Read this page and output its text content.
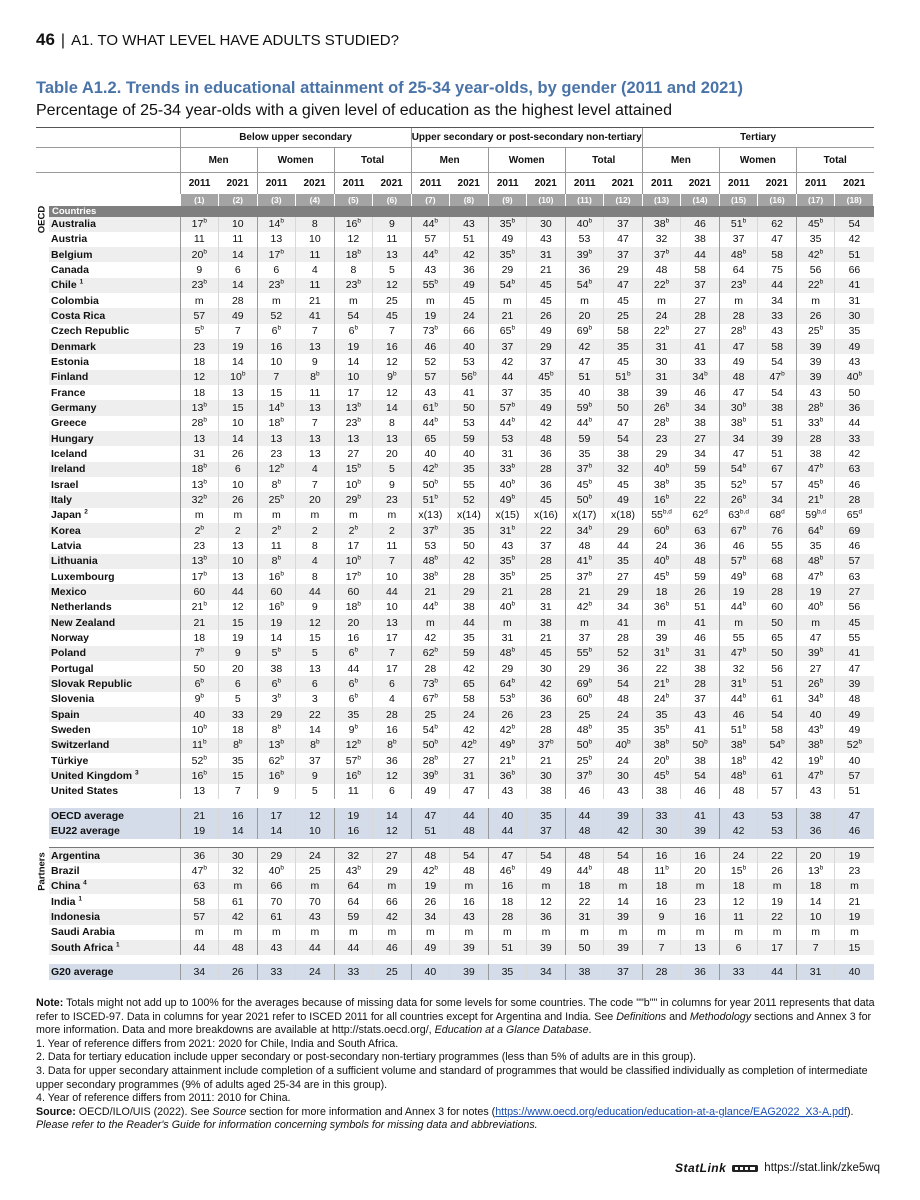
46 | A1. TO WHAT LEVEL HAVE ADULTS STUDIED?
Table A1.2. Trends in educational attainment of 25-34 year-olds, by gender (2011 and 2021)
Percentage of 25-34 year-olds with a given level of education as the highest level attained
		Below upper secondary						Upper secondary or post-secondary non-tertiary						Tertiary					
		Men		Women		Total		Men		Women		Total		Men		Women		Total	
		2011	2021	2011	2021	2011	2021	2011	2021	2011	2021	2011	2021	2011	2021	2011	2021	2011	2021
		(1)	(2)	(3)	(4)	(5)	(6)	(7)	(8)	(9)	(10)	(11)	(12)	(13)	(14)	(15)	(16)	(17)	(18)

OECD	Countries																		
	Australia	17$^b$	10	14$^b$	8	16$^b$	9	44$^b$	43	35$^b$	30	40$^b$	37	38$^b$	46	51$^b$	62	45$^b$	54
	Austria	11	11	13	10	12	11	57	51	49	43	53	47	32	38	37	47	35	42
	Belgium	20$^b$	14	17$^b$	11	18$^b$	13	44$^b$	42	35$^b$	31	39$^b$	37	37$^b$	44	48$^b$	58	42$^b$	51
	Canada	9	6	6	4	8	5	43	36	29	21	36	29	48	58	64	75	56	66
	Chile $^1$	23$^b$	14	23$^b$	11	23$^b$	12	55$^b$	49	54$^b$	45	54$^b$	47	22$^b$	37	23$^b$	44	22$^b$	41
	Colombia	m	28	m	21	m	25	m	45	m	45	m	45	m	27	m	34	m	31
	Costa Rica	57	49	52	41	54	45	19	24	21	26	20	25	24	28	28	33	26	30
	Czech Republic	5$^b$	7	6$^b$	7	6$^b$	7	73$^b$	66	65$^b$	49	69$^b$	58	22$^b$	27	28$^b$	43	25$^b$	35
	Denmark	23	19	16	13	19	16	46	40	37	29	42	35	31	41	47	58	39	49
	Estonia	18	14	10	9	14	12	52	53	42	37	47	45	30	33	49	54	39	43
	Finland	12	10$^b$	7	8$^b$	10	9$^b$	57	56$^b$	44	45$^b$	51	51$^b$	31	34$^b$	48	47$^b$	39	40$^b$
	France	18	13	15	11	17	12	43	41	37	35	40	38	39	46	47	54	43	50
	Germany	13$^b$	15	14$^b$	13	13$^b$	14	61$^b$	50	57$^b$	49	59$^b$	50	26$^b$	34	30$^b$	38	28$^b$	36
	Greece	28$^b$	10	18$^b$	7	23$^b$	8	44$^b$	53	44$^b$	42	44$^b$	47	28$^b$	38	38$^b$	51	33$^b$	44
	Hungary	13	14	13	13	13	13	65	59	53	48	59	54	23	27	34	39	28	33
	Iceland	31	26	23	13	27	20	40	40	31	36	35	38	29	34	47	51	38	42
	Ireland	18$^b$	6	12$^b$	4	15$^b$	5	42$^b$	35	33$^b$	28	37$^b$	32	40$^b$	59	54$^b$	67	47$^b$	63
	Israel	13$^b$	10	8$^b$	7	10$^b$	9	50$^b$	55	40$^b$	36	45$^b$	45	38$^b$	35	52$^b$	57	45$^b$	46
	Italy	32$^b$	26	25$^b$	20	29$^b$	23	51$^b$	52	49$^b$	45	50$^b$	49	16$^b$	22	26$^b$	34	21$^b$	28
	Japan $^2$	m	m	m	m	m	m	x(13)	x(14)	x(15)	x(16)	x(17)	x(18)	55$^{b,d}$	62$^d$	63$^{b,d}$	68$^d$	59$^{b,d}$	65$^d$
	Korea	2$^b$	2	2$^b$	2	2$^b$	2	37$^b$	35	31$^b$	22	34$^b$	29	60$^b$	63	67$^b$	76	64$^b$	69
	Latvia	23	13	11	8	17	11	53	50	43	37	48	44	24	36	46	55	35	46
	Lithuania	13$^b$	10	8$^b$	4	10$^b$	7	48$^b$	42	35$^b$	28	41$^b$	35	40$^b$	48	57$^b$	68	48$^b$	57
	Luxembourg	17$^b$	13	16$^b$	8	17$^b$	10	38$^b$	28	35$^b$	25	37$^b$	27	45$^b$	59	49$^b$	68	47$^b$	63
	Mexico	60	44	60	44	60	44	21	29	21	28	21	29	18	26	19	28	19	27
	Netherlands	21$^b$	12	16$^b$	9	18$^b$	10	44$^b$	38	40$^b$	31	42$^b$	34	36$^b$	51	44$^b$	60	40$^b$	56
	New Zealand	21	15	19	12	20	13	m	44	m	38	m	41	m	41	m	50	m	45
	Norway	18	19	14	15	16	17	42	35	31	21	37	28	39	46	55	65	47	55
	Poland	7$^b$	9	5$^b$	5	6$^b$	7	62$^b$	59	48$^b$	45	55$^b$	52	31$^b$	31	47$^b$	50	39$^b$	41
	Portugal	50	20	38	13	44	17	28	42	29	30	29	36	22	38	32	56	27	47
	Slovak Republic	6$^b$	6	6$^b$	6	6$^b$	6	73$^b$	65	64$^b$	42	69$^b$	54	21$^b$	28	31$^b$	51	26$^b$	39
	Slovenia	9$^b$	5	3$^b$	3	6$^b$	4	67$^b$	58	53$^b$	36	60$^b$	48	24$^b$	37	44$^b$	61	34$^b$	48
	Spain	40	33	29	22	35	28	25	24	26	23	25	24	35	43	46	54	40	49
	Sweden	10$^b$	18	8$^b$	14	9$^b$	16	54$^b$	42	42$^b$	28	48$^b$	35	35$^b$	41	51$^b$	58	43$^b$	49
	Switzerland	11$^b$	8$^b$	13$^b$	8$^b$	12$^b$	8$^b$	50$^b$	42$^b$	49$^b$	37$^b$	50$^b$	40$^b$	38$^b$	50$^b$	38$^b$	54$^b$	38$^b$	52$^b$
	Türkiye	52$^b$	35	62$^b$	37	57$^b$	36	28$^b$	27	21$^b$	21	25$^b$	24	20$^b$	38	18$^b$	42	19$^b$	40
	United Kingdom $^3$	16$^b$	15	16$^b$	9	16$^b$	12	39$^b$	31	36$^b$	30	37$^b$	30	45$^b$	54	48$^b$	61	47$^b$	57
	United States	13	7	9	5	11	6	49	47	43	38	46	43	38	46	48	57	43	51

	OECD average	21	16	17	12	19	14	47	44	40	35	44	39	33	41	43	53	38	47
	EU22 average	19	14	14	10	16	12	51	48	44	37	48	42	30	39	42	53	36	46

Partners	Argentina	36	30	29	24	32	27	48	54	47	54	48	54	16	16	24	22	20	19
	Brazil	47$^b$	32	40$^b$	25	43$^b$	29	42$^b$	48	46$^b$	49	44$^b$	48	11$^b$	20	15$^b$	26	13$^b$	23
	China $^4$	63	m	66	m	64	m	19	m	16	m	18	m	18	m	18	m	18	m
	India $^1$	58	61	70	70	64	66	26	16	18	12	22	14	16	23	12	19	14	21
	Indonesia	57	42	61	43	59	42	34	43	28	36	31	39	9	16	11	22	10	19
	Saudi Arabia	m	m	m	m	m	m	m	m	m	m	m	m	m	m	m	m	m	m
	South Africa $^1$	44	48	43	44	44	46	49	39	51	39	50	39	7	13	6	17	7	15

	G20 average	34	26	33	24	33	25	40	39	35	34	38	37	28	36	33	44	31	40

Note: Totals might not add up to 100% for the averages because of missing data for some levels for some countries. The code ""b"" in columns for year 2011 represents that data refer to ISCED-97. Data in columns for year 2021 refer to ISCED 2011 for all countries except for Argentina and India. See Definitions and Methodology sections and Annex 3 for more information. Data and more breakdowns are available at http://stats.oecd.org/, Education at a Glance Database.

1. Year of reference differs from 2021: 2020 for Chile, India and South Africa.

2. Data for tertiary education include upper secondary or post-secondary non-tertiary programmes (less than 5% of adults are in this group).

3. Data for upper secondary attainment include completion of a sufficient volume and standard of programmes that would be classified individually as completion of intermediate upper secondary programmes (9% of adults aged 25-34 are in this group).

4. Year of reference differs from 2011: 2010 for China.

Source: OECD/ILO/UIS (2022). See Source section for more information and Annex 3 for notes (https://www.oecd.org/education/education-at-a-glance/EAG2022_X3-A.pdf).

Please refer to the Reader's Guide for information concerning symbols for missing data and abbreviations.

StatLink	https://stat.link/zke5wq
